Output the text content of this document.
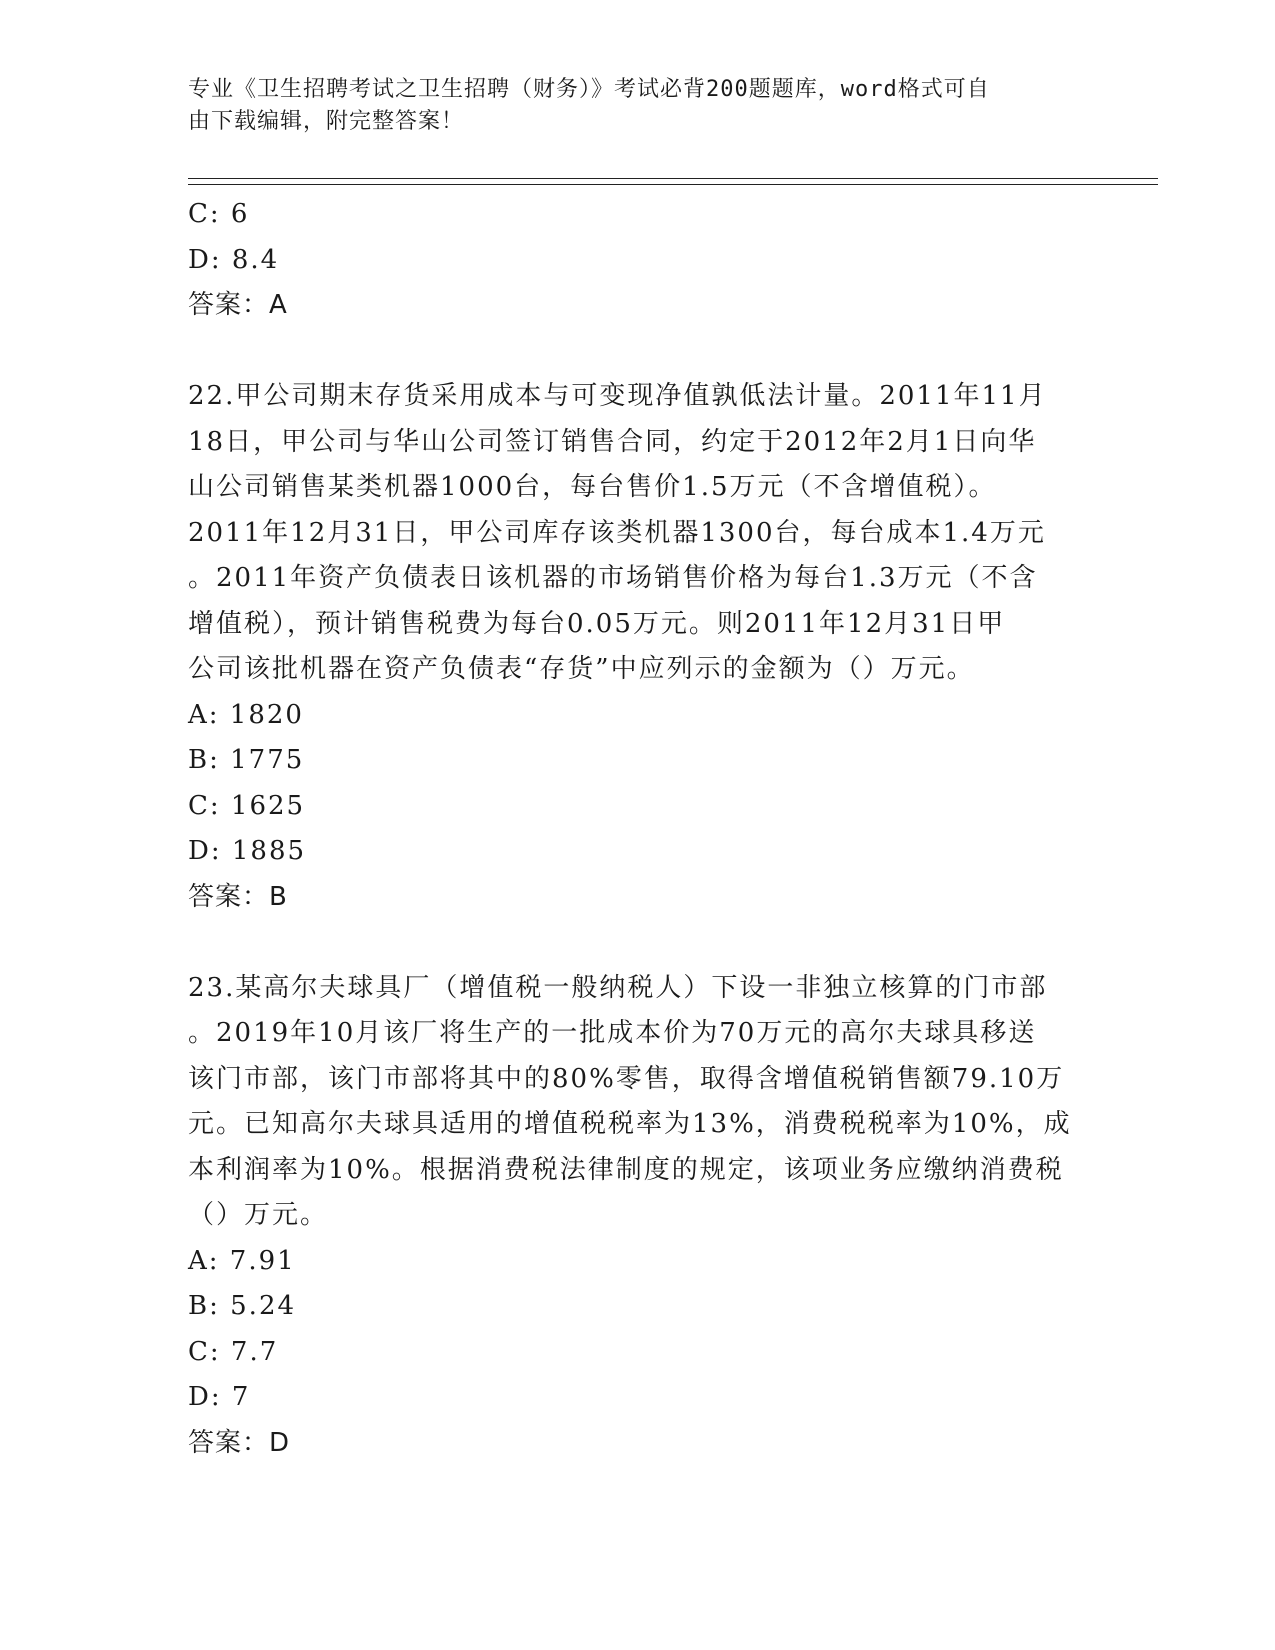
专业《卫生招聘考试之卫生招聘（财务）》考试必背200题题库，word格式可自
由下载编辑，附完整答案！
C: 6
D: 8.4
答案：A
22.甲公司期末存货采用成本与可变现净值孰低法计量。2011年11月
18日，甲公司与华山公司签订销售合同，约定于2012年2月1日向华
山公司销售某类机器1000台，每台售价1.5万元（不含增值税）。
2011年12月31日，甲公司库存该类机器1300台，每台成本1.4万元
。2011年资产负债表日该机器的市场销售价格为每台1.3万元（不含
增值税），预计销售税费为每台0.05万元。则2011年12月31日甲
公司该批机器在资产负债表“存货”中应列示的金额为（）万元。
A: 1820
B: 1775
C: 1625
D: 1885
答案：B
23.某高尔夫球具厂（增值税一般纳税人）下设一非独立核算的门市部
。2019年10月该厂将生产的一批成本价为70万元的高尔夫球具移送
该门市部，该门市部将其中的80%零售，取得含增值税销售额79.10万
元。已知高尔夫球具适用的增值税税率为13%，消费税税率为10%，成
本利润率为10%。根据消费税法律制度的规定，该项业务应缴纳消费税
（）万元。
A: 7.91
B: 5.24
C: 7.7
D: 7
答案：D
